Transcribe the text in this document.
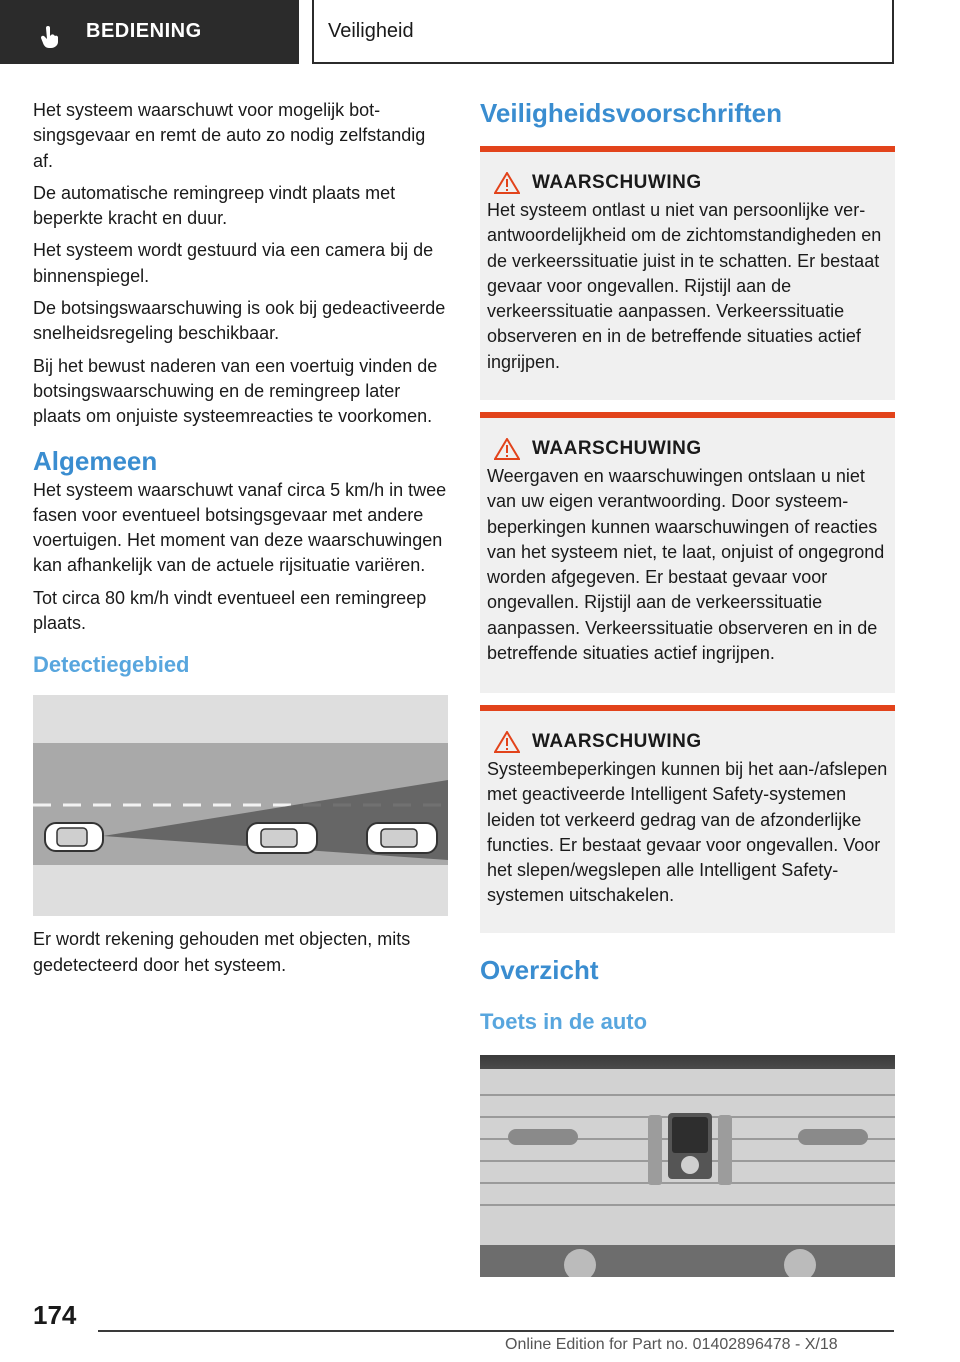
BEDIENING	Veiligheid

Het systeem waarschuwt voor mogelijk botsingsgevaar en remt de auto zo nodig zelfstandig af.

De automatische remingreep vindt plaats met beperkte kracht en duur.

Het systeem wordt gestuurd via een camera bij de binnenspiegel.

De botsingswaarschuwing is ook bij gedeactiveerde snelheidsregeling beschikbaar.

Bij het bewust naderen van een voertuig vinden de botsingswaarschuwing en de remingreep later plaats om onjuiste systeemreacties te voorkomen.

Algemeen

Het systeem waarschuwt vanaf circa 5 km/h in twee fasen voor eventueel botsingsgevaar met andere voertuigen. Het moment van deze waarschuwingen kan afhankelijk van de actuele rijsituatie variëren.

Tot circa 80 km/h vindt eventueel een remingreep plaats.

Detectiegebied

Er wordt rekening gehouden met objecten, mits gedetecteerd door het systeem.

Veiligheidsvoorschriften
WAARSCHUWING

Het systeem ontlast u niet van persoonlijke verantwoordelijkheid om de zichtomstandigheden en de verkeerssituatie juist in te schatten. Er bestaat gevaar voor ongevallen. Rijstijl aan de verkeerssituatie aanpassen. Verkeerssituatie observeren en in de betreffende situaties actief ingrijpen.

WAARSCHUWING

Weergaven en waarschuwingen ontslaan u niet van uw eigen verantwoording. Door systeembeperkingen kunnen waarschuwingen of reacties van het systeem niet, te laat, onjuist of ongegrond worden afgegeven. Er bestaat gevaar voor ongevallen. Rijstijl aan de verkeerssituatie aanpassen. Verkeerssituatie observeren en in de betreffende situaties actief ingrijpen.

WAARSCHUWING

Systeembeperkingen kunnen bij het aan-/afslepen met geactiveerde Intelligent Safety-systemen leiden tot verkeerd gedrag van de afzonderlijke functies. Er bestaat gevaar voor ongevallen. Voor het slepen/wegslepen alle Intelligent Safety-systemen uitschakelen.

Overzicht
Toets in de auto
174
Online Edition for Part no. 01402896478 - X/18
